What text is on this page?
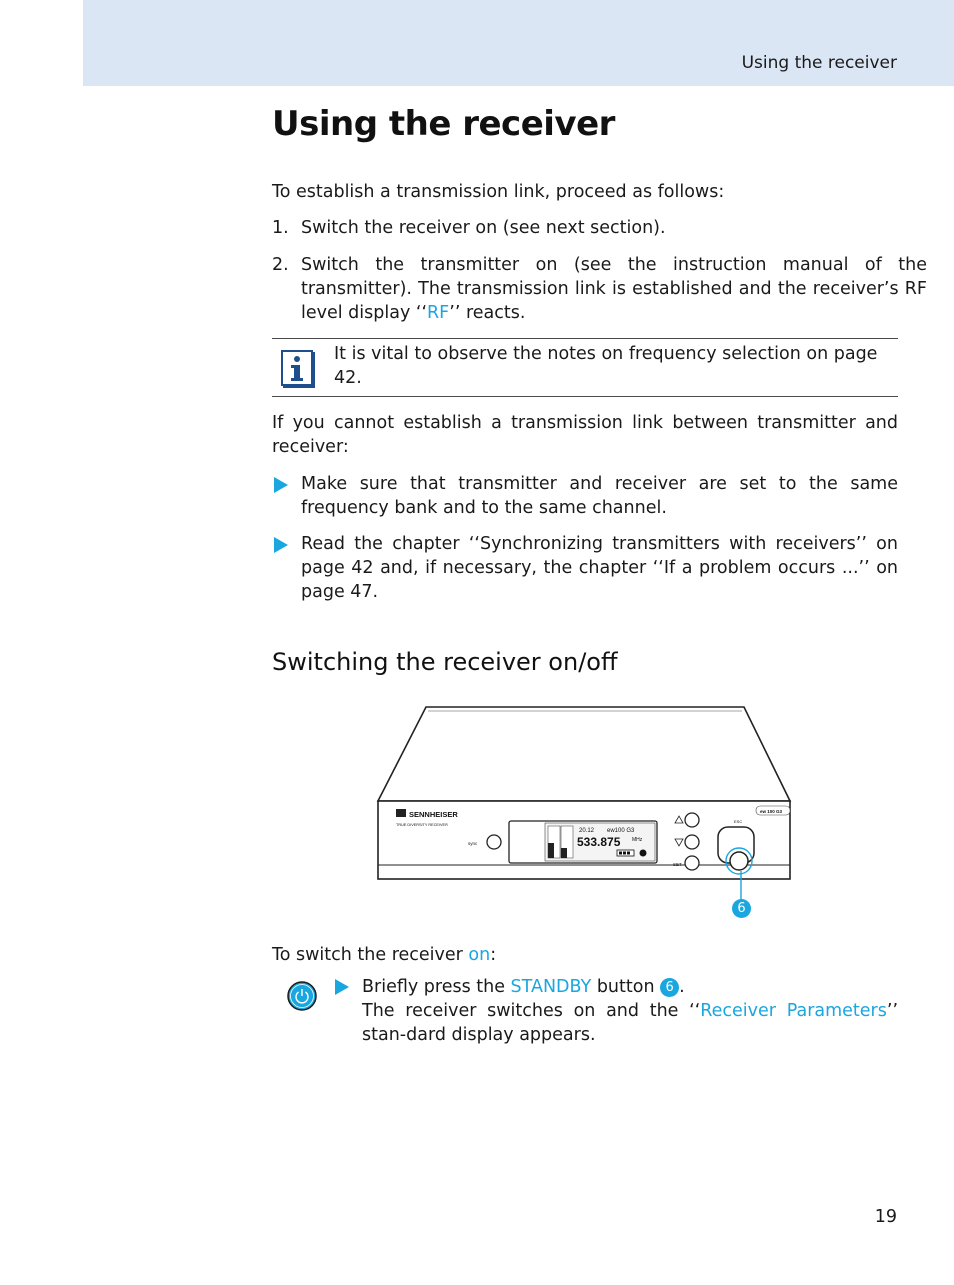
Using the receiver
Using the receiver

To establish a transmission link, proceed as follows:

1. Switch the receiver on (see next section).

2. Switch the transmitter on (see the instruction manual of the transmitter). The transmission link is established and the receiver’s RF level display ‘‘RF’’ reacts.

It is vital to observe the notes on frequency selection on page 42.

If you cannot establish a transmission link between transmitter and receiver:

Make sure that transmitter and receiver are set to the same frequency bank and to the same channel.

Read the chapter ‘‘Synchronizing transmitters with receivers’’ on page 42 and, if necessary, the chapter ‘‘If a problem occurs ...’’ on page 47.

Switching the receiver on/off
SENNHEISER
TRUE DIVERSITY RECEIVER
sync
20.12 ew100 G3
533.875 MHz
SET
ESC
ew 100 G3
6

To switch the receiver on:

Briefly press the STANDBY button 6 .

The receiver switches on and the ‘‘Receiver Parameters’’ stan-dard display appears.

19
